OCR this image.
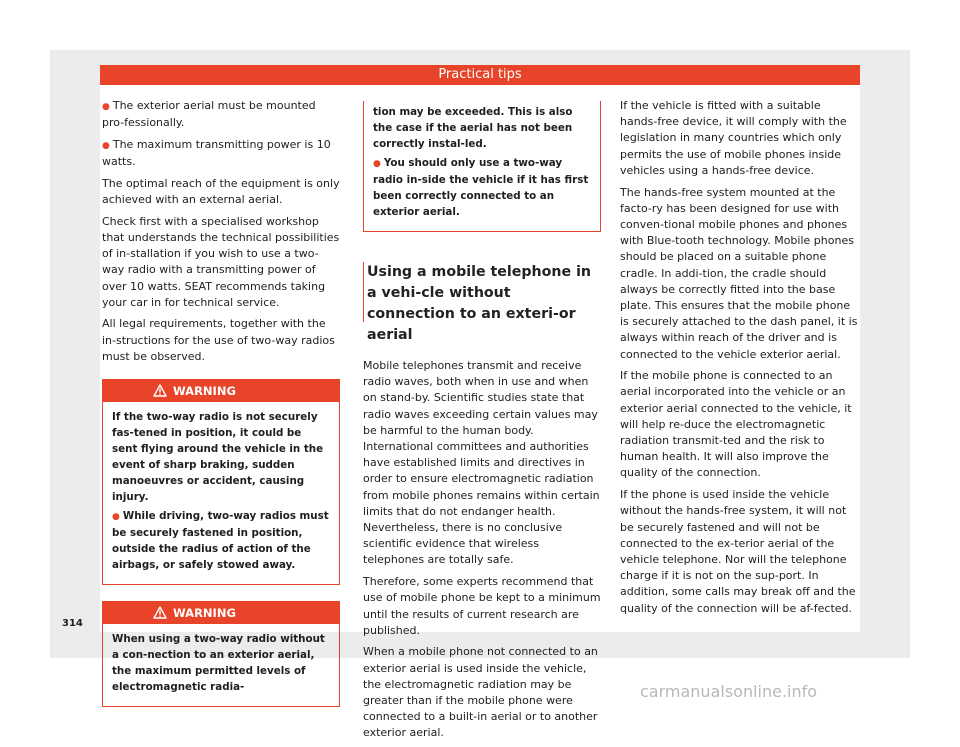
Practical tips

● The exterior aerial must be mounted pro-fessionally.

● The maximum transmitting power is 10 watts.

The optimal reach of the equipment is only achieved with an external aerial.

Check first with a specialised workshop that understands the technical possibilities of in-stallation if you wish to use a two-way radio with a transmitting power of over 10 watts. SEAT recommends taking your car in for technical service.

All legal requirements, together with the in-structions for the use of two-way radios must be observed.

WARNING

If the two-way radio is not securely fas-tened in position, it could be sent flying around the vehicle in the event of sharp braking, sudden manoeuvres or accident, causing injury.

● While driving, two-way radios must be securely fastened in position, outside the radius of action of the airbags, or safely stowed away.

WARNING

When using a two-way radio without a con-nection to an exterior aerial, the maximum permitted levels of electromagnetic radia-

tion may be exceeded. This is also the case if the aerial has not been correctly instal-led.

● You should only use a two-way radio in-side the vehicle if it has first been correctly connected to an exterior aerial.

Using a mobile telephone in a vehi-cle without connection to an exteri-or aerial

Mobile telephones transmit and receive radio waves, both when in use and when on stand-by. Scientific studies state that radio waves exceeding certain values may be harmful to the human body. International committees and authorities have established limits and directives in order to ensure electromagnetic radiation from mobile phones remains within certain limits that do not endanger health. Nevertheless, there is no conclusive scientific evidence that wireless telephones are totally safe.

Therefore, some experts recommend that use of mobile phone be kept to a minimum until the results of current research are published.

When a mobile phone not connected to an exterior aerial is used inside the vehicle, the electromagnetic radiation may be greater than if the mobile phone were connected to a built-in aerial or to another exterior aerial.

If the vehicle is fitted with a suitable hands-free device, it will comply with the legislation in many countries which only permits the use of mobile phones inside vehicles using a hands-free device.

The hands-free system mounted at the facto-ry has been designed for use with conven-tional mobile phones and phones with Blue-tooth technology. Mobile phones should be placed on a suitable phone cradle. In addi-tion, the cradle should always be correctly fitted into the base plate. This ensures that the mobile phone is securely attached to the dash panel, it is always within reach of the driver and is connected to the vehicle exterior aerial.

If the mobile phone is connected to an aerial incorporated into the vehicle or an exterior aerial connected to the vehicle, it will help re-duce the electromagnetic radiation transmit-ted and the risk to human health. It will also improve the quality of the connection.

If the phone is used inside the vehicle without the hands-free system, it will not be securely fastened and will not be connected to the ex-terior aerial of the vehicle telephone. Nor will the telephone charge if it is not on the sup-port. In addition, some calls may break off and the quality of the connection will be af-fected.

314
carmanualsonline.info
